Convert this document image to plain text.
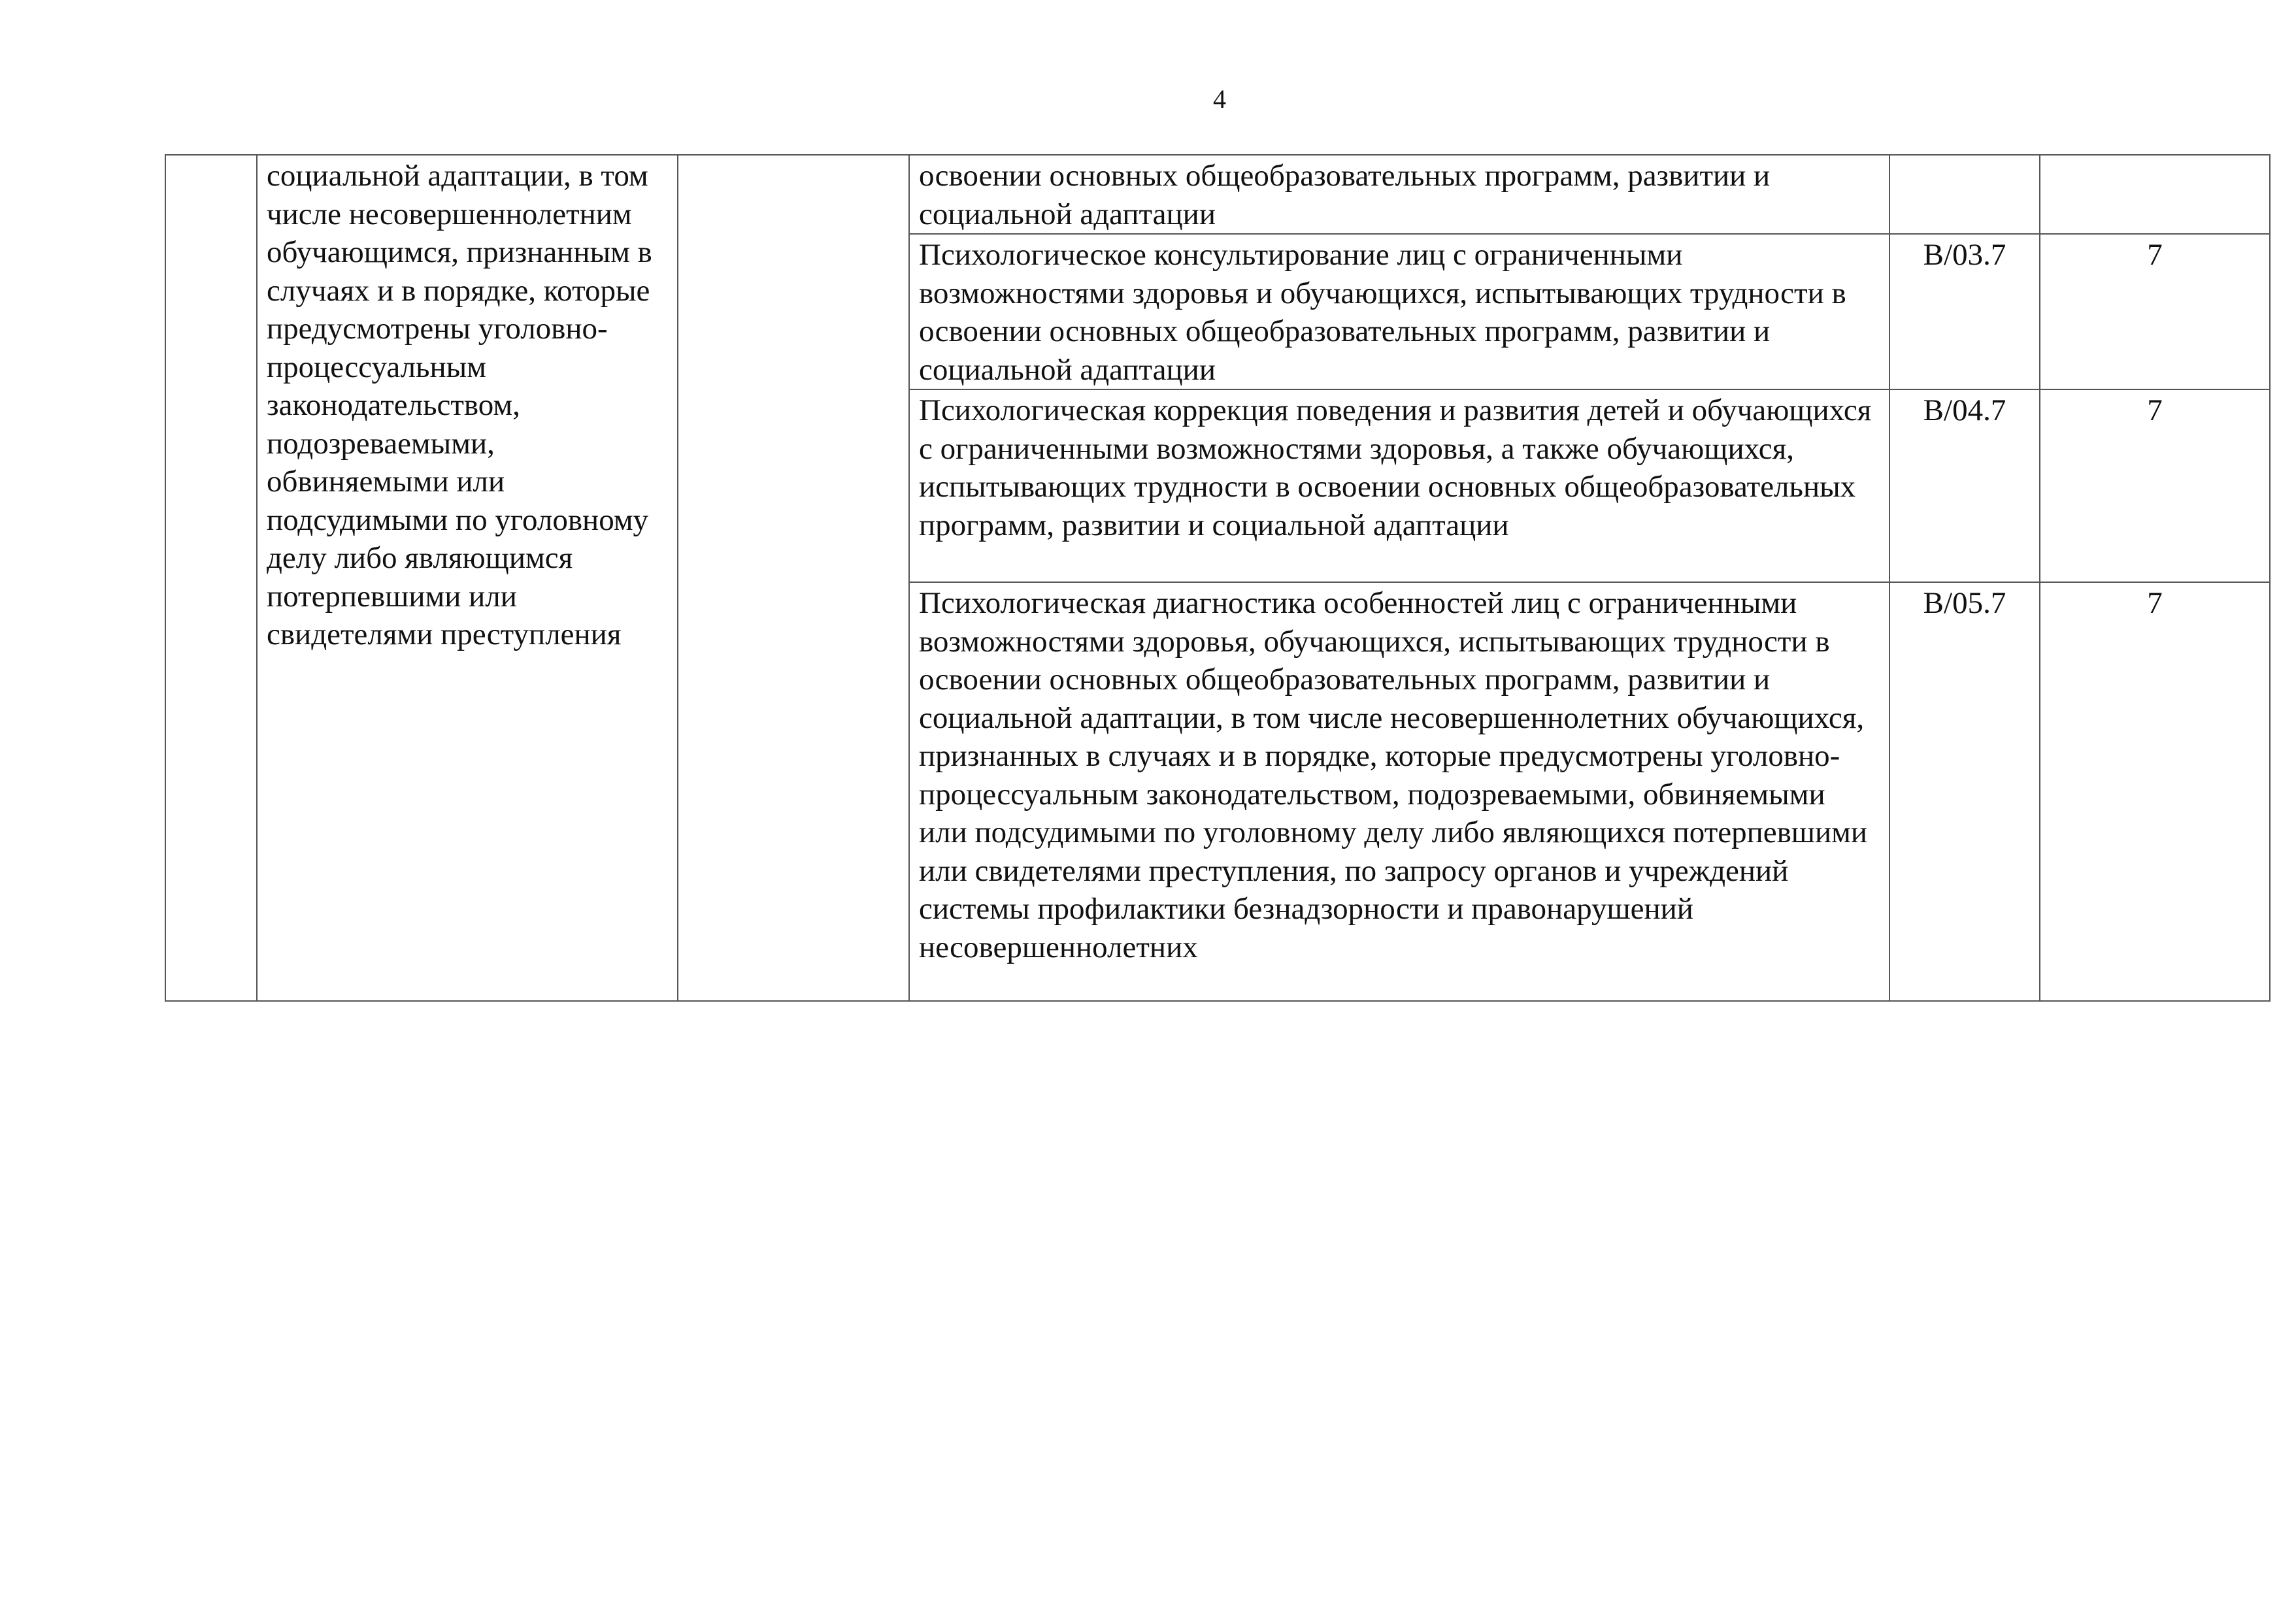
4
	социальной адаптации, в том числе несовершеннолетним обучающимся, признанным в случаях и в порядке, которые предусмотрены уголовно-процессуальным законодательством, подозреваемыми, обвиняемыми или подсудимыми по уголовному делу либо являющимся потерпевшими или свидетелями преступления		освоении основных общеобразовательных программ, развитии и социальной адаптации		
			Психологическое консультирование лиц с ограниченными возможностями здоровья и обучающихся, испытывающих трудности в освоении основных общеобразовательных программ, развитии и социальной адаптации	B/03.7	7
			Психологическая коррекция поведения и развития детей и обучающихся с ограниченными возможностями здоровья, а также обучающихся, испытывающих трудности в освоении основных общеобразовательных программ, развитии и социальной адаптации	B/04.7	7
			Психологическая диагностика особенностей лиц с ограниченными возможностями здоровья, обучающихся, испытывающих трудности в освоении основных общеобразовательных программ, развитии и социальной адаптации, в том числе несовершеннолетних обучающихся, признанных в случаях и в порядке, которые предусмотрены уголовно-процессуальным законодательством, подозреваемыми, обвиняемыми или подсудимыми по уголовному делу либо являющихся потерпевшими или свидетелями преступления, по запросу органов и учреждений системы профилактики безнадзорности и правонарушений несовершеннолетних	B/05.7	7
